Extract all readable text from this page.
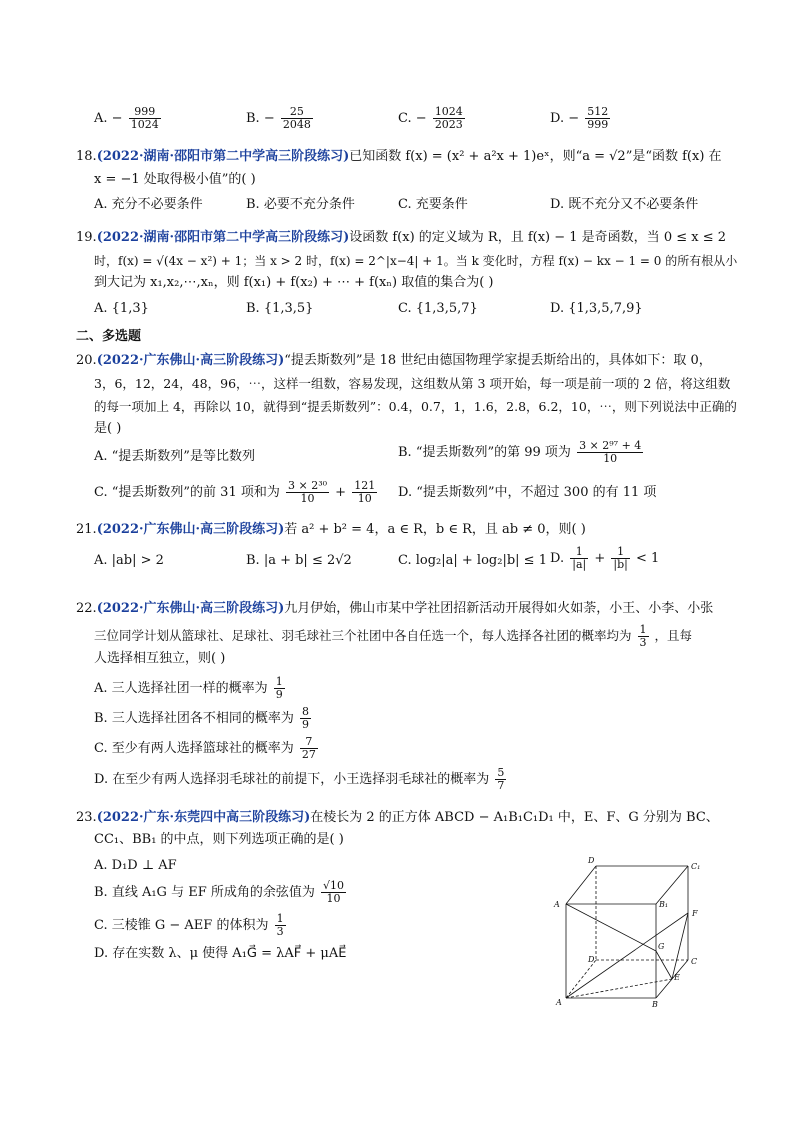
A. − $\frac{999}{1024}$	B. − $\frac{25}{2048}$	C. − $\frac{1024}{2023}$	D. − $\frac{512}{999}$
18.(2022·湖南·邵阳市第二中学高三阶段练习)已知函数 f(x) = (x² + a²x + 1)eˣ，则“a = √2”是“函数 f(x) 在
x = −1 处取得极小值”的( )
A. 充分不必要条件	B. 必要不充分条件	C. 充要条件	D. 既不充分又不必要条件
19.(2022·湖南·邵阳市第二中学高三阶段练习)设函数 f(x) 的定义域为 R，且 f(x) − 1 是奇函数，当 0 ≤ x ≤ 2
时，f(x) = √(4x − x²) + 1；当 x > 2 时，f(x) = 2^|x−4| + 1。当 k 变化时，方程 f(x) − kx − 1 = 0 的所有根从小
到大记为 x₁,x₂,⋯,xₙ，则 f(x₁) + f(x₂) + ⋯ + f(xₙ) 取值的集合为( )
A. {1,3}	B. {1,3,5}	C. {1,3,5,7}	D. {1,3,5,7,9}
二、多选题
20.(2022·广东佛山·高三阶段练习)“提丢斯数列”是 18 世纪由德国物理学家提丢斯给出的，具体如下：取 0，
3，6，12，24，48，96，⋯，这样一组数，容易发现，这组数从第 3 项开始，每一项是前一项的 2 倍，将这组数
的每一项加上 4，再除以 10，就得到“提丢斯数列”：0.4，0.7，1，1.6，2.8，6.2，10，⋯，则下列说法中正确的
是( )
A. “提丢斯数列”是等比数列	B. “提丢斯数列”的第 99 项为 $\frac{\text{3 × 2⁹⁷ + 4}}{10}$
C. “提丢斯数列”的前 31 项和为 $\frac{\text{3 × 2³⁰}}{10} + \frac{121}{10} D$. “提丢斯数列”中，不超过 300 的有 11 项
21.(2022·广东佛山·高三阶段练习)若 a² + b² = 4，a ∈ R，b ∈ R，且 ab ≠ 0，则( )
A. |ab| > 2	B. |a + b| ≤ 2√2	C. log₂|a| + log₂|b| ≤ 1 D. $\frac{1}{|a|} + \frac{1}{|b|} < 1$
22.(2022·广东佛山·高三阶段练习)九月伊始，佛山市某中学社团招新活动开展得如火如荼，小王、小李、小张
三位同学计划从篮球社、足球社、羽毛球社三个社团中各自任选一个，每人选择各社团的概率均为 $\frac{1}{3}$ ，且每
人选择相互独立，则( )
A. 三人选择社团一样的概率为 $\frac{1}{9}$
B. 三人选择社团各不相同的概率为 $\frac{8}{9}$
C. 至少有两人选择篮球社的概率为 $\frac{7}{27}$
D. 在至少有两人选择羽毛球社的前提下，小王选择羽毛球社的概率为 $\frac{5}{7}$
23.(2022·广东·东莞四中高三阶段练习)在棱长为 2 的正方体 ABCD − A₁B₁C₁D₁ 中，E、F、G 分别为 BC、
CC₁、BB₁ 的中点，则下列选项正确的是( )
A. D₁D ⊥ AF
B. 直线 A₁G 与 EF 所成角的余弦值为 $\frac{√10}{10}$
C. 三棱锥 G − AEF 的体积为 $\frac{1}{3}$
D. 存在实数 λ、μ 使得 A₁G⃗ = λAF⃗ + μAE⃗
D
C₁
A	B₁
F
G
D	C
E
A	B
